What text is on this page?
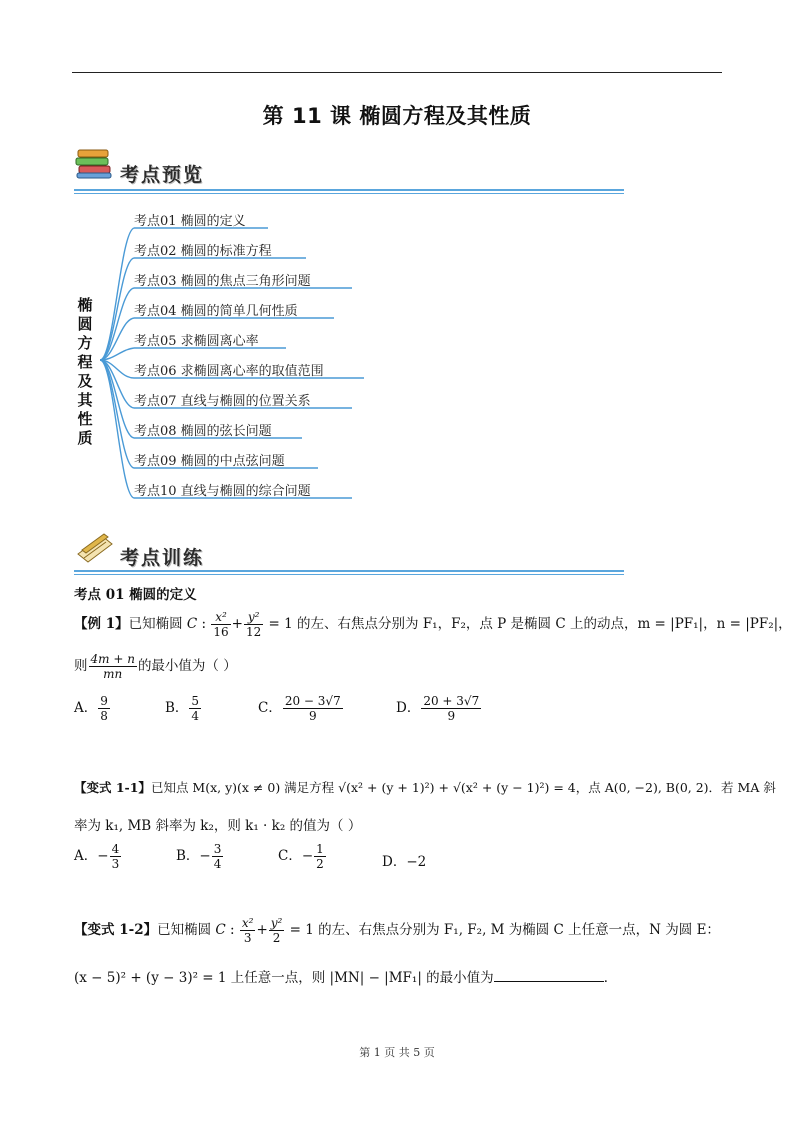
第 11 课 椭圆方程及其性质
考点预览
椭
圆
方
程
及
其
性
质
考点01 椭圆的定义
考点02 椭圆的标准方程
考点03 椭圆的焦点三角形问题
考点04 椭圆的简单几何性质
考点05 求椭圆离心率
考点06 求椭圆离心率的取值范围
考点07 直线与椭圆的位置关系
考点08 椭圆的弦长问题
考点09 椭圆的中点弦问题
考点10 直线与椭圆的综合问题
考点训练
考点 01 椭圆的定义
【例 1】已知椭圆 C : $\frac{\text{x²}}{16} + \frac{\text{y²}}{12} = 1$ 的左、右焦点分别为 F₁，F₂，点 P 是椭圆 C 上的动点，m = |PF₁|，n = |PF₂|，
则 $\frac{4m + n}{mn}$ 的最小值为（ ）
A． $\frac{9}{8}$	B． $\frac{5}{4}$	C． $\frac{20 - 3√7}{9}$	D． $\frac{20 + 3√7}{9}$
【变式 1-1】已知点 M(x, y)(x ≠ 0) 满足方程 √(x² + (y + 1)²) + √(x² + (y − 1)²) = 4，点 A(0, −2), B(0, 2)．若 MA 斜
率为 k₁, MB 斜率为 k₂，则 k₁ · k₂ 的值为（ ）
A．− $\frac{4}{3}$	B．− $\frac{3}{4}$	C．− $\frac{1}{2}$	D．−2
【变式 1-2】已知椭圆 C : $\frac{\text{x²}}{3} + \frac{\text{y²}}{2} = 1$ 的左、右焦点分别为 F₁, F₂, M 为椭圆 C 上任意一点，N 为圆 E：
(x − 5)² + (y − 3)² = 1 上任意一点，则 |MN| − |MF₁| 的最小值为	．
第 1 页 共 5 页
